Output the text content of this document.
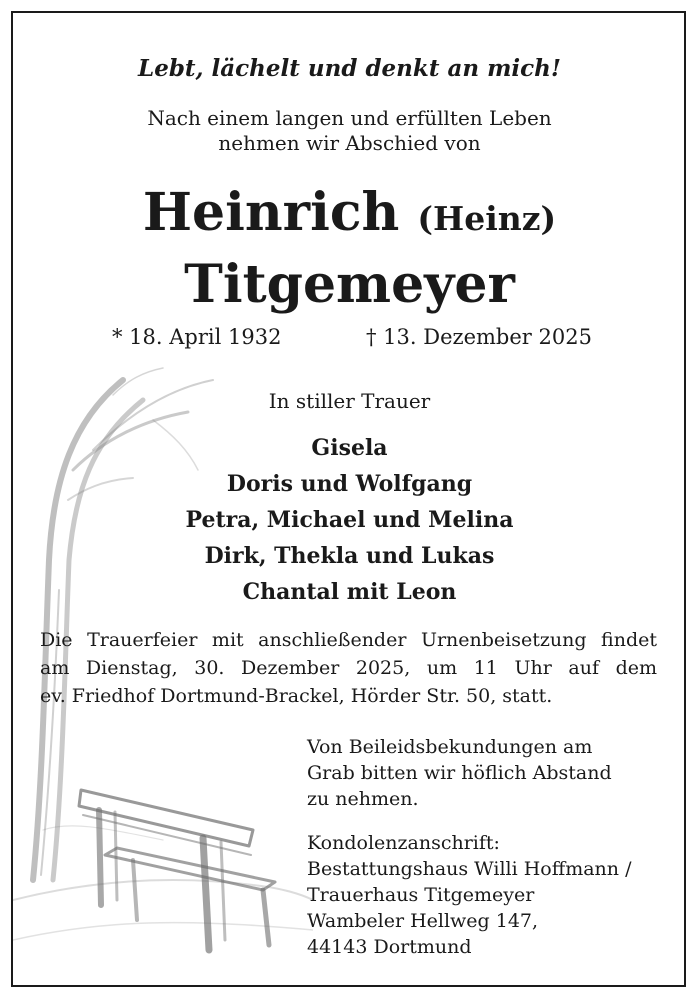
Lebt, lächelt und denkt an mich!
Nach einem langen und erfüllten Leben
nehmen wir Abschied von
Heinrich (Heinz)
Titgemeyer
* 18. April 1932	† 13. Dezember 2025
In stiller Trauer
Gisela
Doris und Wolfgang
Petra, Michael und Melina
Dirk, Thekla und Lukas
Chantal mit Leon
Die Trauerfeier mit anschließender Urnenbeisetzung findet
am Dienstag, 30. Dezember 2025, um 11 Uhr auf dem
ev. Friedhof Dortmund-Brackel, Hörder Str. 50, statt.
Von Beileidsbekundungen am
Grab bitten wir höflich Abstand
zu nehmen.
Kondolenzanschrift:
Bestattungshaus Willi Hoffmann /
Trauerhaus Titgemeyer
Wambeler Hellweg 147,
44143 Dortmund
